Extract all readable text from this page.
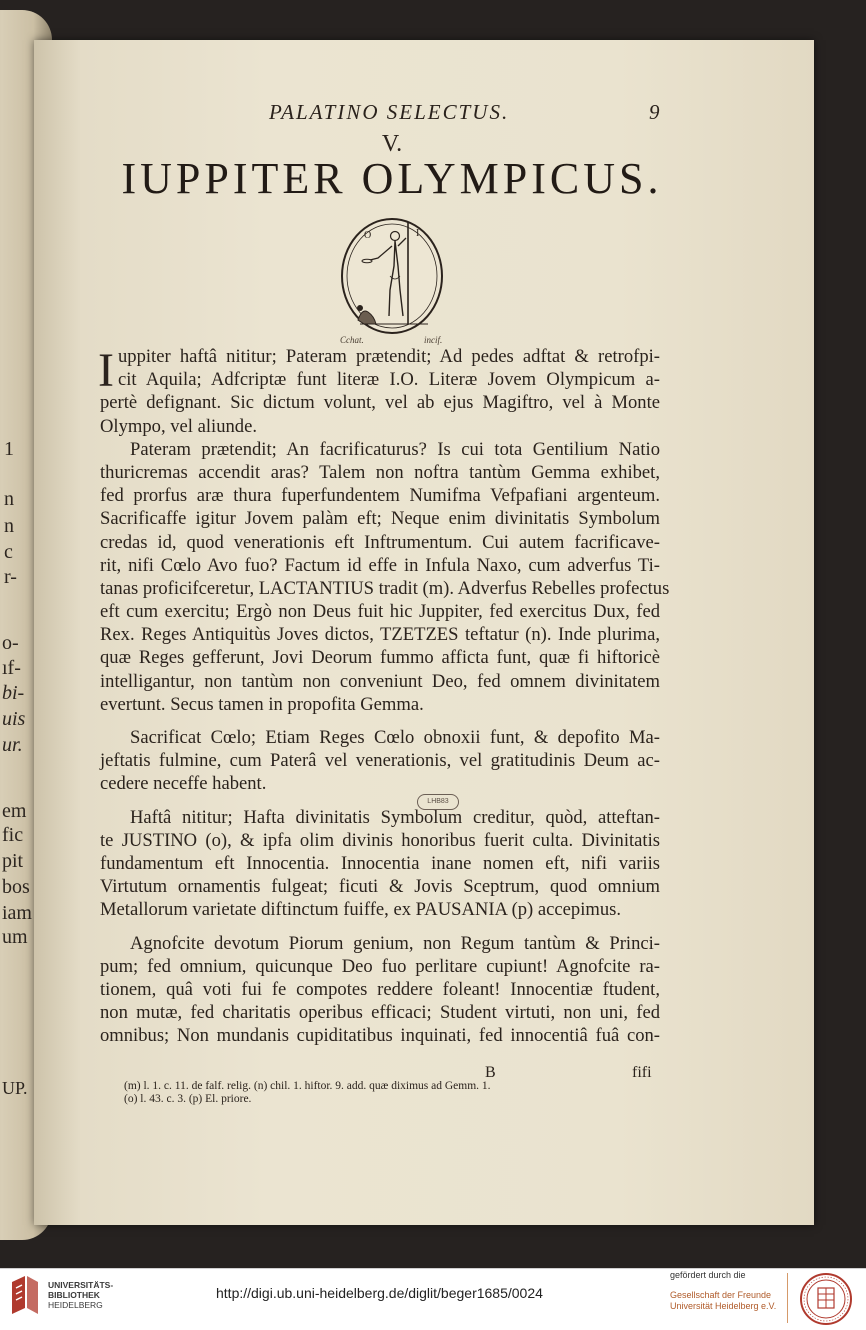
1
n
n
c
r-
o-
ıf-
bi-
uis
ur.
em
fic
pit
bos
iam
um
UP.
PALATINO SELECTUS.	9
V.
IUPPITER OLYMPICUS.
O	I
Cchat.	incif.
I uppiter haftâ nititur; Pateram prætendit; Ad pedes adftat & retrofpi-
cit Aquila; Adfcriptæ funt literæ I.O. Literæ Jovem Olympicum a-
pertè defignant. Sic dictum volunt, vel ab ejus Magiftro, vel à Monte
Olympo, vel aliunde.
Pateram prætendit; An facrificaturus? Is cui tota Gentilium Natio
thuricremas accendit aras? Talem non noftra tantùm Gemma exhibet,
fed prorfus aræ thura fuperfundentem Numifma Vefpafiani argenteum.
Sacrificaffe igitur Jovem palàm eft; Neque enim divinitatis Symbolum
credas id, quod venerationis eft Inftrumentum. Cui autem facrificave-
rit, nifi Cœlo Avo fuo? Factum id effe in Infula Naxo, cum adverfus Ti-
tanas proficifceretur, LACTANTIUS tradit (m). Adverfus Rebelles profectus
eft cum exercitu; Ergò non Deus fuit hic Juppiter, fed exercitus Dux, fed
Rex. Reges Antiquitùs Joves dictos, TZETZES teftatur (n). Inde plurima,
quæ Reges gefferunt, Jovi Deorum fummo afficta funt, quæ fi hiftoricè
intelligantur, non tantùm non conveniunt Deo, fed omnem divinitatem
evertunt. Secus tamen in propofita Gemma.
Sacrificat Cœlo; Etiam Reges Cœlo obnoxii funt, & depofito Ma-
jeftatis fulmine, cum Paterâ vel venerationis, vel gratitudinis Deum ac-
cedere neceffe habent.
Haftâ nititur; Hafta divinitatis Symbolum creditur, quòd, atteftan-
te JUSTINO (o), & ipfa olim divinis honoribus fuerit culta. Divinitatis
fundamentum eft Innocentia. Innocentia inane nomen eft, nifi variis
Virtutum ornamentis fulgeat; ficuti & Jovis Sceptrum, quod omnium
Metallorum varietate diftinctum fuiffe, ex PAUSANIA (p) accepimus.
Agnofcite devotum Piorum genium, non Regum tantùm & Princi-
pum; fed omnium, quicunque Deo fuo perlitare cupiunt! Agnofcite ra-
tionem, quâ voti fui fe compotes reddere foleant! Innocentiæ ftudent,
non mutæ, fed charitatis operibus efficaci; Student virtuti, non uni, fed
omnibus; Non mundanis cupiditatibus inquinati, fed innocentiâ fuâ con-
LHB83
B	fifi
(m) l. 1. c. 11. de falf. relig. (n) chil. 1. hiftor. 9. add. quæ diximus ad Gemm. 1.
(o) l. 43. c. 3. (p) El. priore.
UNIVERSITÄTS-
BIBLIOTHEK
HEIDELBERG
http://digi.ub.uni-heidelberg.de/diglit/beger1685/0024
gefördert durch die
Gesellschaft der Freunde
Universität Heidelberg e.V.
